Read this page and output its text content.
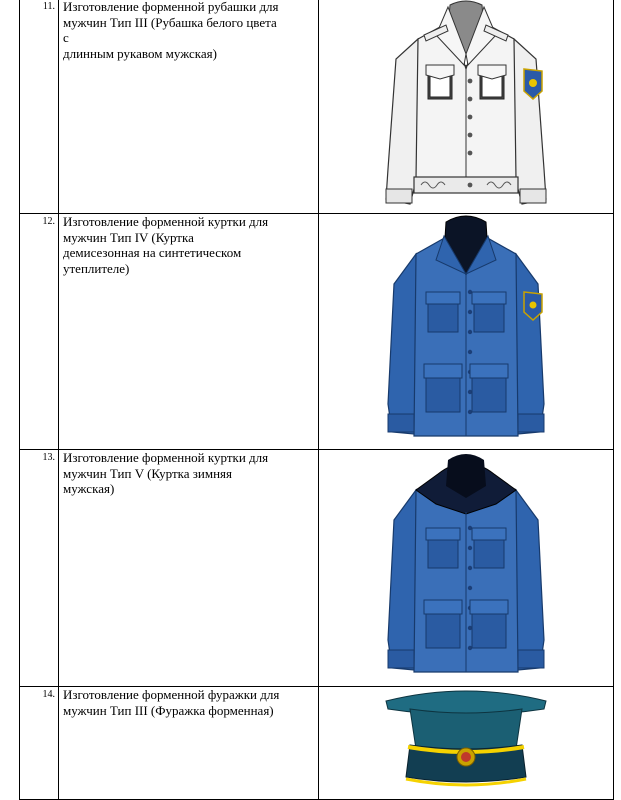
11.	Изготовление форменной рубашки для
мужчин Тип III (Рубашка белого цвета
с
длинным рукавом мужская)

12.	Изготовление форменной куртки для
мужчин Тип IV (Куртка
демисезонная на синтетическом
утеплителе)

13.	Изготовление форменной куртки для
мужчин Тип V (Куртка зимняя
мужская)

14.	Изготовление форменной фуражки для
мужчин Тип III (Фуражка форменная)
